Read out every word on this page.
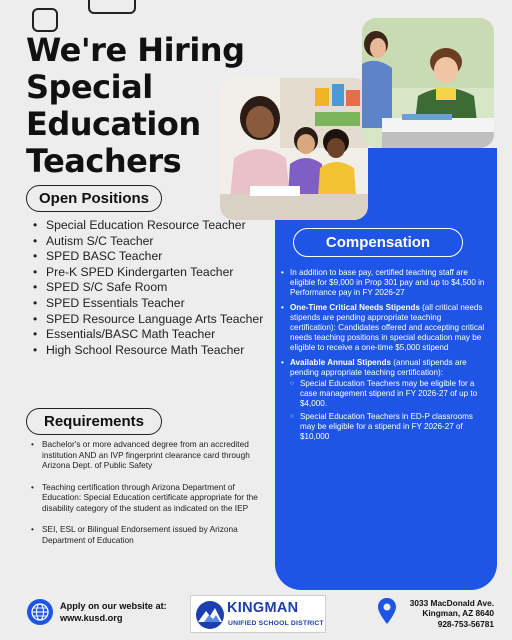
We're Hiring
Special
Education
Teachers
Open Positions
• Special Education Resource Teacher
• Autism S/C Teacher
• SPED BASC Teacher
• Pre-K SPED Kindergarten Teacher
• SPED S/C Safe Room
• SPED Essentials Teacher
• SPED Resource Language Arts Teacher
• Essentials/BASC Math Teacher
• High School Resource Math Teacher
Requirements
• Bachelor's or more advanced degree from an accredited institution AND an IVP fingerprint clearance card through Arizona Dept. of Public Safety
• Teaching certification through Arizona Department of Education: Special Education certificate appropriate for the disability category of the student as indicated on the IEP
• SEI, ESL or Bilingual Endorsement issued by Arizona Department of Education
Compensation
• In addition to base pay, certified teaching staff are eligible for $9,000 in Prop 301 pay and up to $4,500 in Performance pay in FY 2026-27
• One-Time Critical Needs Stipends (all critical needs stipends are pending appropriate teaching certification): Candidates offered and accepting critical needs teaching positions in special education may be eligible to receive a one-time $5,000 stipend
• Available Annual Stipends (annual stipends are pending appropriate teaching certification):
○ Special Education Teachers may be eligible for a case management stipend in FY 2026-27 of up to $4,000.
○ Special Education Teachers in ED-P classrooms may be eligible for a stipend in FY 2026-27 of $10,000
Apply on our website at:
www.kusd.org
KINGMAN
UNIFIED SCHOOL DISTRICT
3033 MacDonald Ave.
Kingman, AZ 8640
928-753-56781
